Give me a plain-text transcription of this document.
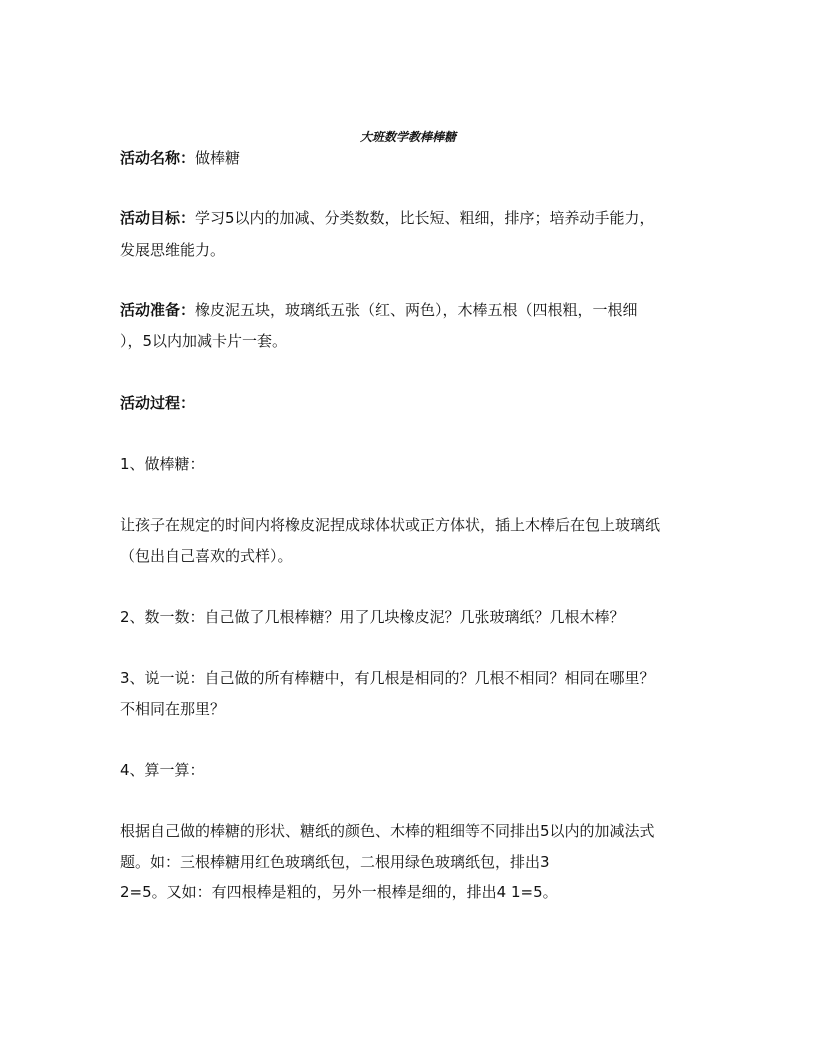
大班数学教棒棒糖
活动名称：做棒糖
活动目标：学习5以内的加减、分类数数，比长短、粗细，排序；培养动手能力，
发展思维能力。
活动准备：橡皮泥五块，玻璃纸五张（红、两色），木棒五根（四根粗，一根细
），5以内加减卡片一套。
活动过程：
1、做棒糖：
让孩子在规定的时间内将橡皮泥捏成球体状或正方体状，插上木棒后在包上玻璃纸
（包出自己喜欢的式样）。
2、数一数：自己做了几根棒糖？用了几块橡皮泥？几张玻璃纸？几根木棒？
3、说一说：自己做的所有棒糖中，有几根是相同的？几根不相同？相同在哪里？
不相同在那里？
4、算一算：
根据自己做的棒糖的形状、糖纸的颜色、木棒的粗细等不同排出5以内的加减法式
题。如：三根棒糖用红色玻璃纸包，二根用绿色玻璃纸包，排出3
2=5。又如：有四根棒是粗的，另外一根棒是细的，排出4 1=5。
